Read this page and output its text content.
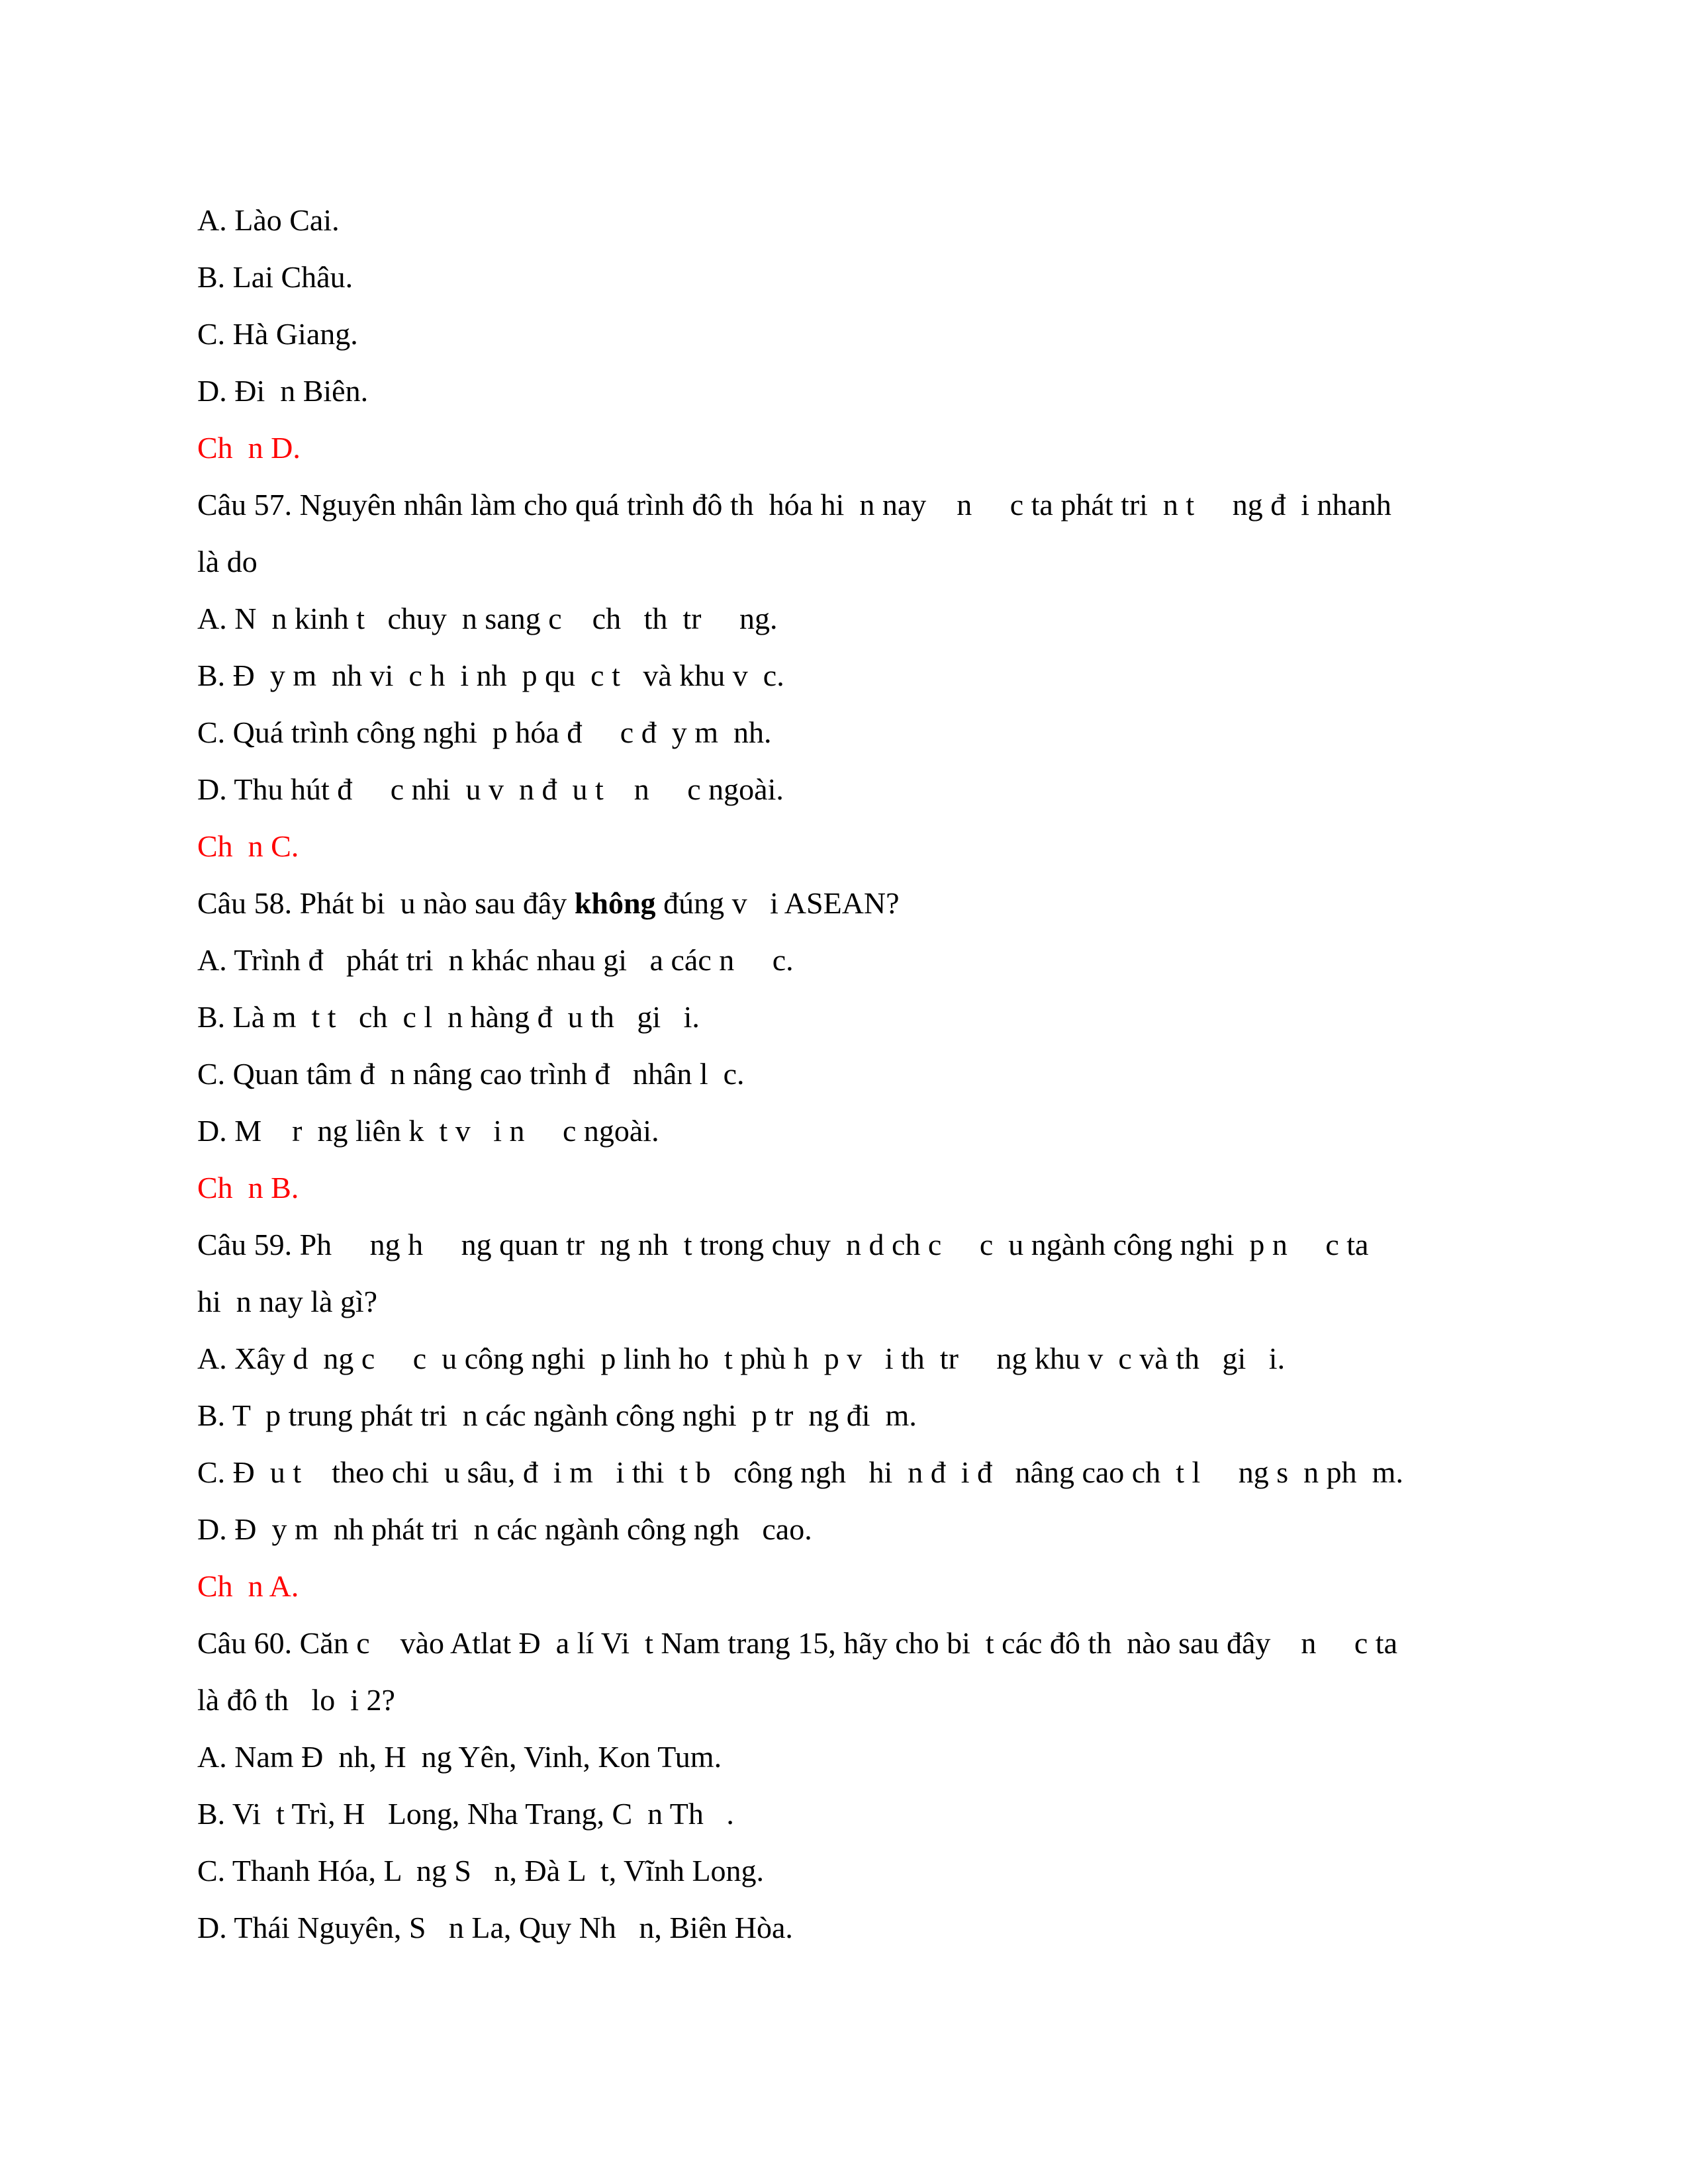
A. Lào Cai.

B. Lai Châu.

C. Hà Giang.

D. Đi  n Biên.

Ch  n D.

Câu 57. Nguyên nhân làm cho quá trình đô th  hóa hi  n nay    n     c ta phát tri  n t     ng đ  i nhanh

là do

A. N  n kinh t   chuy  n sang c    ch   th  tr     ng.

B. Đ  y m  nh vi  c h  i nh  p qu  c t   và khu v  c.

C. Quá trình công nghi  p hóa đ     c đ  y m  nh.

D. Thu hút đ     c nhi  u v  n đ  u t    n     c ngoài.

Ch  n C.

Câu 58. Phát bi  u nào sau đây không đúng v   i ASEAN?

A. Trình đ   phát tri  n khác nhau gi   a các n     c.

B. Là m  t t   ch  c l  n hàng đ  u th   gi   i.

C. Quan tâm đ  n nâng cao trình đ   nhân l  c.

D. M    r  ng liên k  t v   i n     c ngoài.

Ch  n B.

Câu 59. Ph     ng h     ng quan tr  ng nh  t trong chuy  n d ch c     c  u ngành công nghi  p n     c ta

hi  n nay là gì?

A. Xây d  ng c     c  u công nghi  p linh ho  t phù h  p v   i th  tr     ng khu v  c và th   gi   i.

B. T  p trung phát tri  n các ngành công nghi  p tr  ng đi  m.

C. Đ  u t    theo chi  u sâu, đ  i m   i thi  t b   công ngh   hi  n đ  i đ   nâng cao ch  t l     ng s  n ph  m.

D. Đ  y m  nh phát tri  n các ngành công ngh   cao.

Ch  n A.

Câu 60. Căn c    vào Atlat Đ  a lí Vi  t Nam trang 15, hãy cho bi  t các đô th  nào sau đây    n     c ta

là đô th   lo  i 2?

A. Nam Đ  nh, H  ng Yên, Vinh, Kon Tum.

B. Vi  t Trì, H   Long, Nha Trang, C  n Th   .

C. Thanh Hóa, L  ng S   n, Đà L  t, Vĩnh Long.

D. Thái Nguyên, S   n La, Quy Nh   n, Biên Hòa.
